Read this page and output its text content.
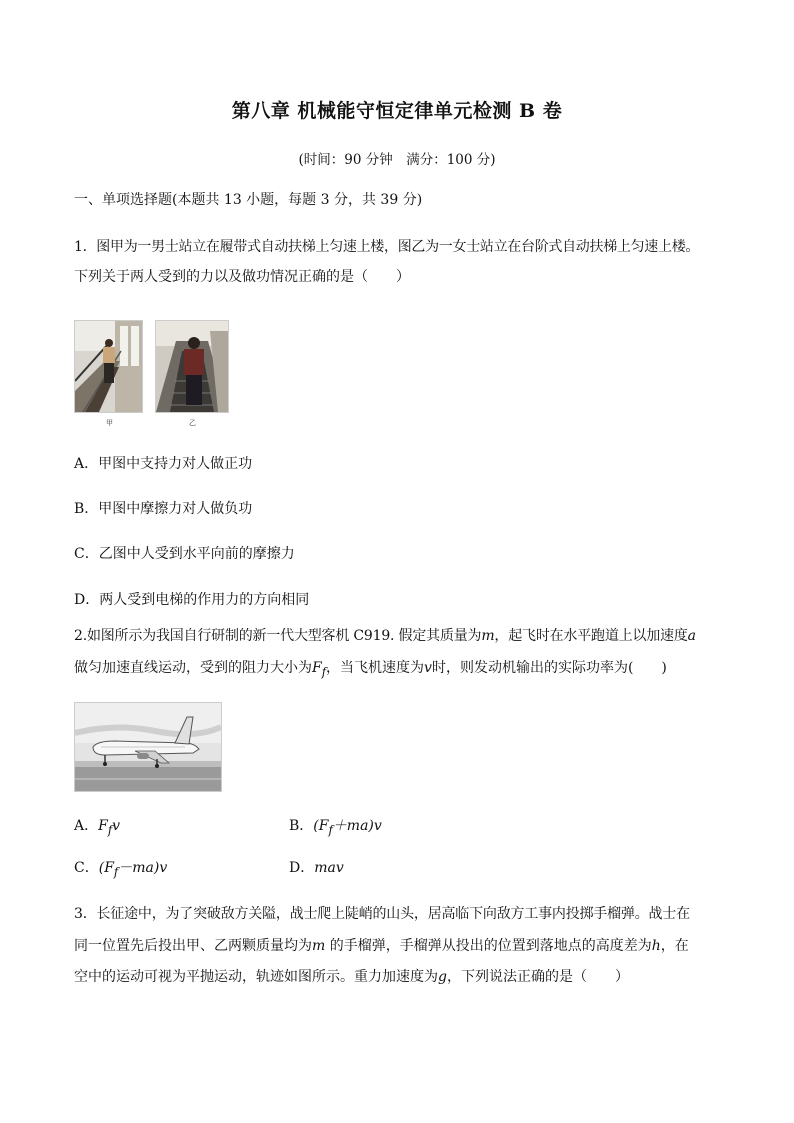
第八章 机械能守恒定律单元检测 B 卷
(时间：90 分钟　满分：100 分)
一、单项选择题(本题共 13 小题，每题 3 分，共 39 分)
1．图甲为一男士站立在履带式自动扶梯上匀速上楼，图乙为一女士站立在台阶式自动扶梯上匀速上楼。
下列关于两人受到的力以及做功情况正确的是（　　）
甲	乙
A．甲图中支持力对人做正功
B．甲图中摩擦力对人做负功
C．乙图中人受到水平向前的摩擦力
D．两人受到电梯的作用力的方向相同
2.如图所示为我国自行研制的新一代大型客机 C919. 假定其质量为m，起飞时在水平跑道上以加速度a
做匀加速直线运动，受到的阻力大小为$F_f$，当飞机速度为v时，则发动机输出的实际功率为(　　)
A．$F_fv$	B．$(F_f+ma)v$
C．$(F_f-ma)v$	D．mav
3．长征途中，为了突破敌方关隘，战士爬上陡峭的山头，居高临下向敌方工事内投掷手榴弹。战士在
同一位置先后投出甲、乙两颗质量均为m 的手榴弹，手榴弹从投出的位置到落地点的高度差为h，在
空中的运动可视为平抛运动，轨迹如图所示。重力加速度为g，下列说法正确的是（　　）
